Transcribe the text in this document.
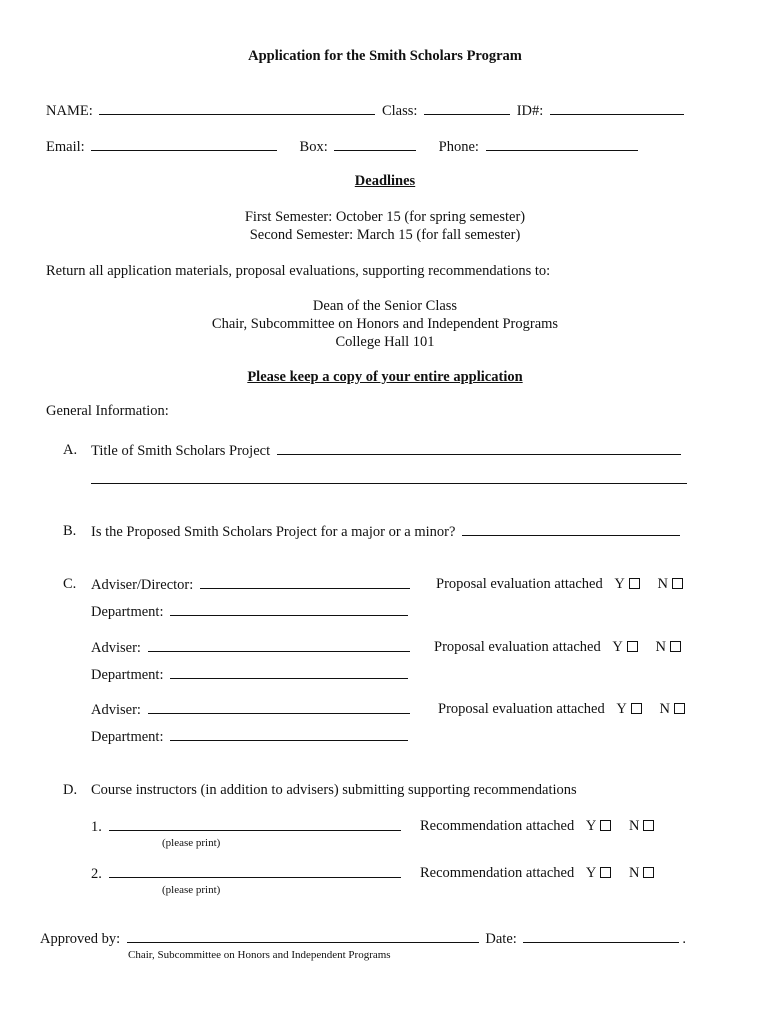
Application for the Smith Scholars Program
NAME:	Class:	ID#:
Email:	Box:	Phone:
Deadlines
First Semester: October 15 (for spring semester)
Second Semester: March 15 (for fall semester)
Return all application materials, proposal evaluations, supporting recommendations to:
Dean of the Senior Class
Chair, Subcommittee on Honors and Independent Programs
College Hall 101
Please keep a copy of your entire application
General Information:
A. Title of Smith Scholars Project
B. Is the Proposed Smith Scholars Project for a major or a minor?
C. Adviser/Director:	Proposal evaluation attached Y N
Department:
Adviser:	Proposal evaluation attached Y N
Department:
Adviser:	Proposal evaluation attached Y N
Department:
D. Course instructors (in addition to advisers) submitting supporting recommendations
1.
(please print)
Recommendation attached Y N
2.
(please print)
Recommendation attached Y N
Approved by:	Date:	.
Chair, Subcommittee on Honors and Independent Programs
